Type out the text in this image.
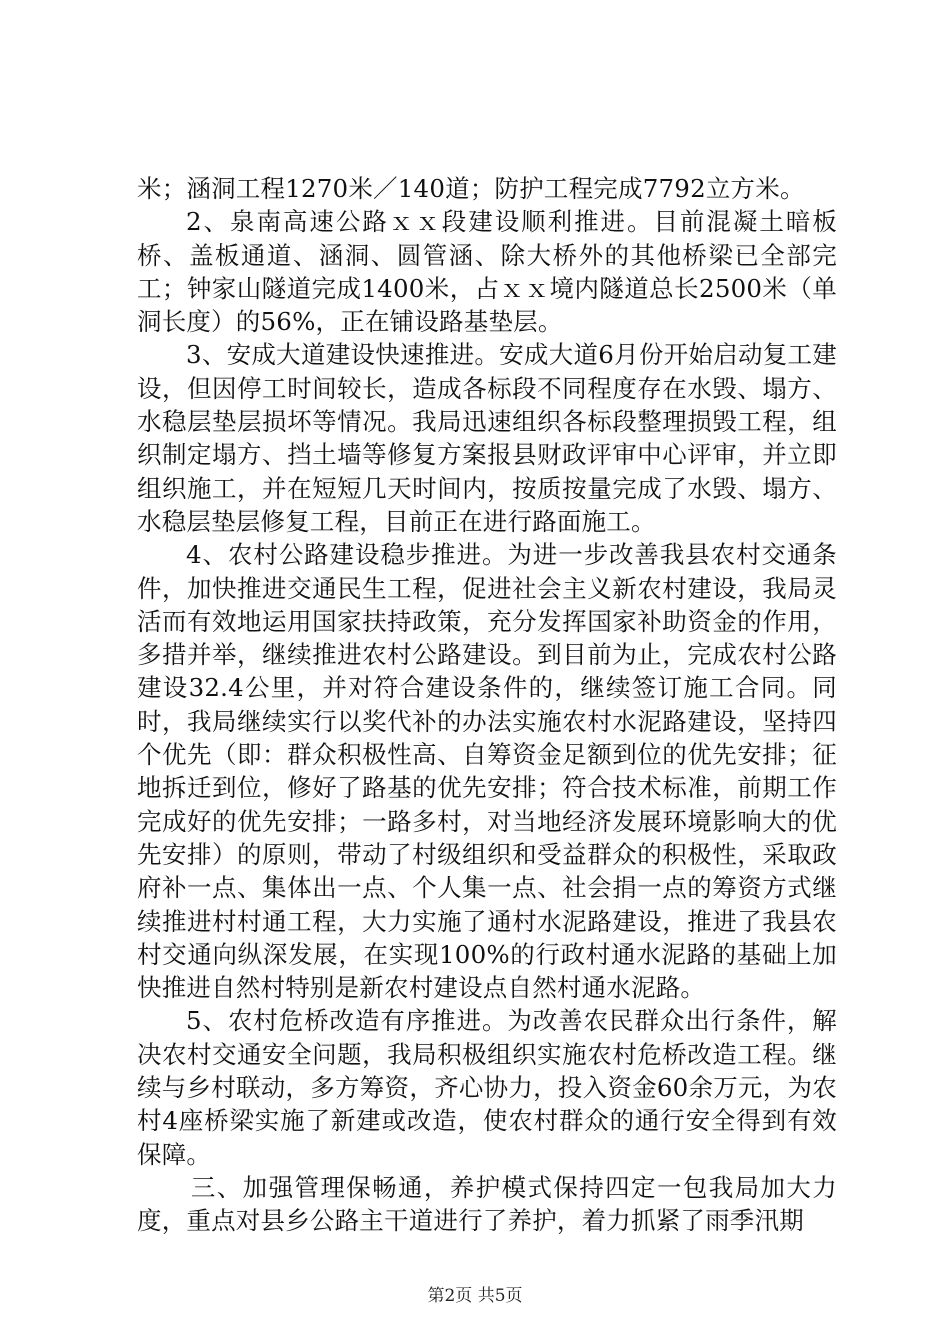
米；涵洞工程1270米／140道；防护工程完成7792立方米。

2、泉南高速公路ｘｘ段建设顺利推进。目前混凝土暗板桥、盖板通道、涵洞、圆管涵、除大桥外的其他桥梁已全部完工；钟家山隧道完成1400米，占ｘｘ境内隧道总长2500米（单洞长度）的56%，正在铺设路基垫层。

3、安成大道建设快速推进。安成大道6月份开始启动复工建设，但因停工时间较长，造成各标段不同程度存在水毁、塌方、水稳层垫层损坏等情况。我局迅速组织各标段整理损毁工程，组织制定塌方、挡土墙等修复方案报县财政评审中心评审，并立即组织施工，并在短短几天时间内，按质按量完成了水毁、塌方、水稳层垫层修复工程，目前正在进行路面施工。

4、农村公路建设稳步推进。为进一步改善我县农村交通条件，加快推进交通民生工程，促进社会主义新农村建设，我局灵活而有效地运用国家扶持政策，充分发挥国家补助资金的作用，多措并举，继续推进农村公路建设。到目前为止，完成农村公路建设32.4公里，并对符合建设条件的，继续签订施工合同。同时，我局继续实行以奖代补的办法实施农村水泥路建设，坚持四个优先（即：群众积极性高、自筹资金足额到位的优先安排；征地拆迁到位，修好了路基的优先安排；符合技术标准，前期工作完成好的优先安排；一路多村，对当地经济发展环境影响大的优先安排）的原则，带动了村级组织和受益群众的积极性，采取政府补一点、集体出一点、个人集一点、社会捐一点的筹资方式继续推进村村通工程，大力实施了通村水泥路建设，推进了我县农村交通向纵深发展，在实现100%的行政村通水泥路的基础上加快推进自然村特别是新农村建设点自然村通水泥路。

5、农村危桥改造有序推进。为改善农民群众出行条件，解决农村交通安全问题，我局积极组织实施农村危桥改造工程。继续与乡村联动，多方筹资，齐心协力，投入资金60余万元，为农村4座桥梁实施了新建或改造，使农村群众的通行安全得到有效保障。

三、加强管理保畅通，养护模式保持四定一包我局加大力度，重点对县乡公路主干道进行了养护，着力抓紧了雨季汛期

第2页 共5页
